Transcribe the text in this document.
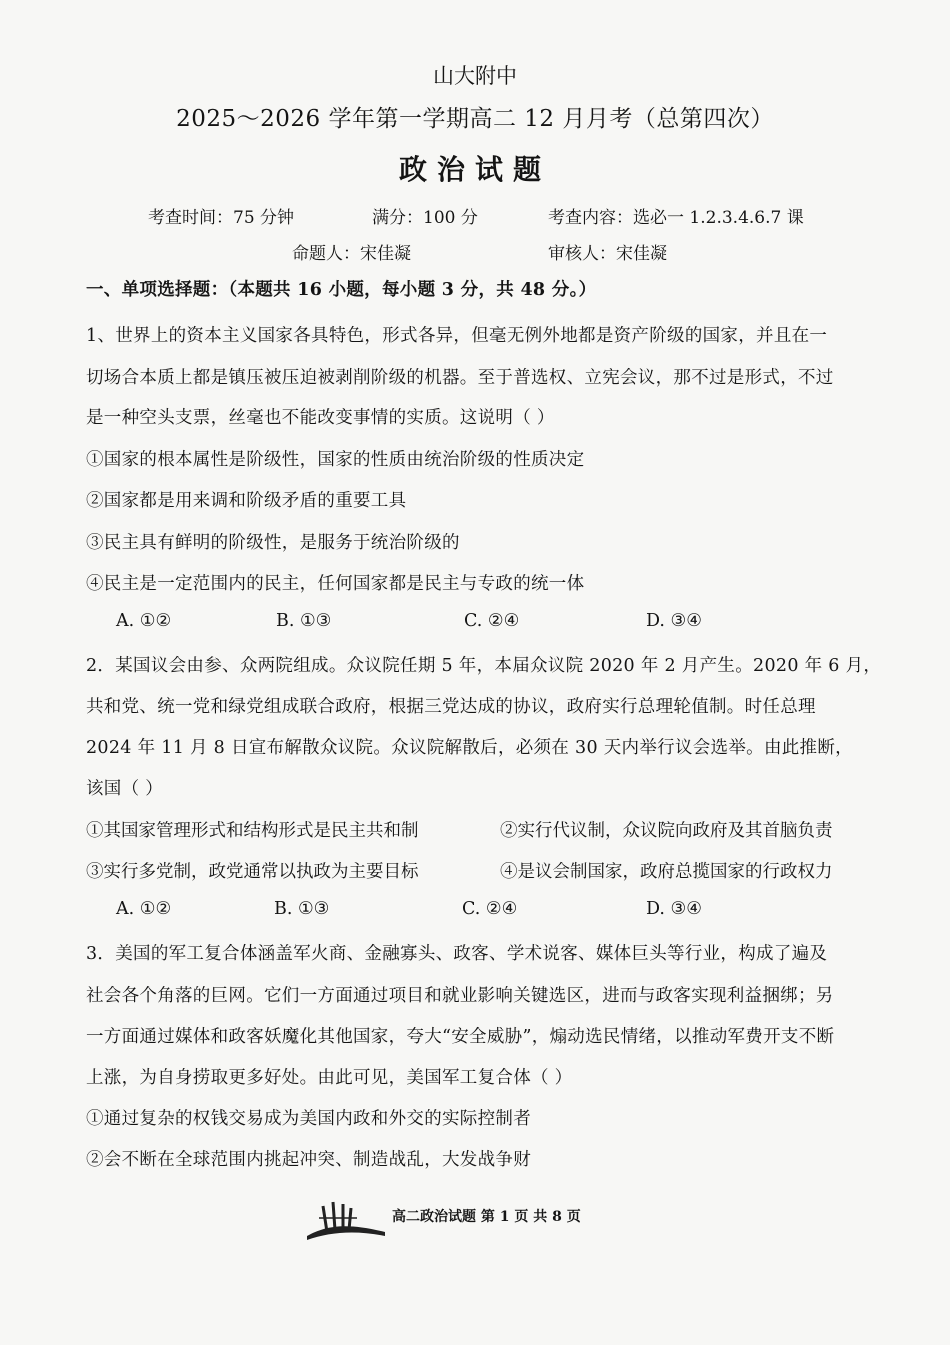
山大附中
2025～2026 学年第一学期高二 12 月月考（总第四次）
政治试题
考查时间：75 分钟	满分：100 分	考查内容：选必一 1.2.3.4.6.7 课
命题人：宋佳凝	审核人：宋佳凝
一、单项选择题：（本题共 16 小题，每小题 3 分，共 48 分。）
1、世界上的资本主义国家各具特色，形式各异，但毫无例外地都是资产阶级的国家，并且在一
切场合本质上都是镇压被压迫被剥削阶级的机器。至于普选权、立宪会议，那不过是形式，不过
是一种空头支票，丝毫也不能改变事情的实质。这说明（ ）
①国家的根本属性是阶级性，国家的性质由统治阶级的性质决定
②国家都是用来调和阶级矛盾的重要工具
③民主具有鲜明的阶级性，是服务于统治阶级的
④民主是一定范围内的民主，任何国家都是民主与专政的统一体
A. ①②	B. ①③	C. ②④	D. ③④
2．某国议会由参、众两院组成。众议院任期 5 年，本届众议院 2020 年 2 月产生。2020 年 6 月，
共和党、统一党和绿党组成联合政府，根据三党达成的协议，政府实行总理轮值制。时任总理
2024 年 11 月 8 日宣布解散众议院。众议院解散后，必须在 30 天内举行议会选举。由此推断，
该国（ ）
①其国家管理形式和结构形式是民主共和制	②实行代议制，众议院向政府及其首脑负责
③实行多党制，政党通常以执政为主要目标	④是议会制国家，政府总揽国家的行政权力
A. ①②	B. ①③	C. ②④	D. ③④
3．美国的军工复合体涵盖军火商、金融寡头、政客、学术说客、媒体巨头等行业，构成了遍及
社会各个角落的巨网。它们一方面通过项目和就业影响关键选区，进而与政客实现利益捆绑；另
一方面通过媒体和政客妖魔化其他国家，夸大“安全威胁”，煽动选民情绪，以推动军费开支不断
上涨，为自身捞取更多好处。由此可见，美国军工复合体（ ）
①通过复杂的权钱交易成为美国内政和外交的实际控制者
②会不断在全球范围内挑起冲突、制造战乱，大发战争财
高二政治试题 第 1 页 共 8 页
